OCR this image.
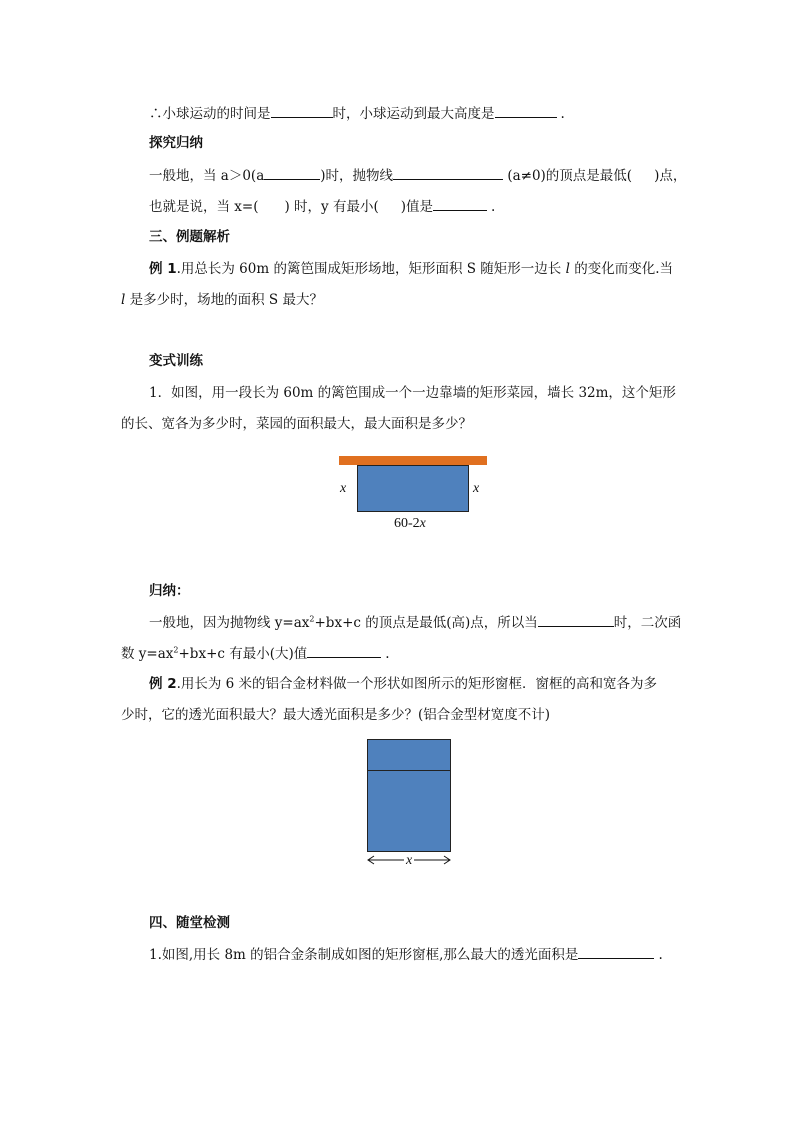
∴小球运动的时间是	时，小球运动到最大高度是	.
探究归纳
一般地，当 a＞0(a	)时，抛物线	(a≠0)的顶点是最低( )点，
也就是说，当 x=( ) 时，y 有最小( )值是	.
三、例题解析
例 1.用总长为 60m 的篱笆围成矩形场地，矩形面积 S 随矩形一边长 l 的变化而变化.当
l 是多少时，场地的面积 S 最大？
变式训练
1．如图，用一段长为 60m 的篱笆围成一个一边靠墙的矩形菜园，墙长 32m，这个矩形
的长、宽各为多少时，菜园的面积最大，最大面积是多少？
x	x
60-2x
归纳：
一般地，因为抛物线 $y=ax^2+bx+c$ 的顶点是最低(高)点，所以当	时，二次函
数 $y=ax^2+bx+c$ 有最小(大)值	.
例 2.用长为 6 米的铝合金材料做一个形状如图所示的矩形窗框．窗框的高和宽各为多
少时，它的透光面积最大？最大透光面积是多少？(铝合金型材宽度不计)
x
四、随堂检测
1.如图,用长 8m 的铝合金条制成如图的矩形窗框,那么最大的透光面积是	.
